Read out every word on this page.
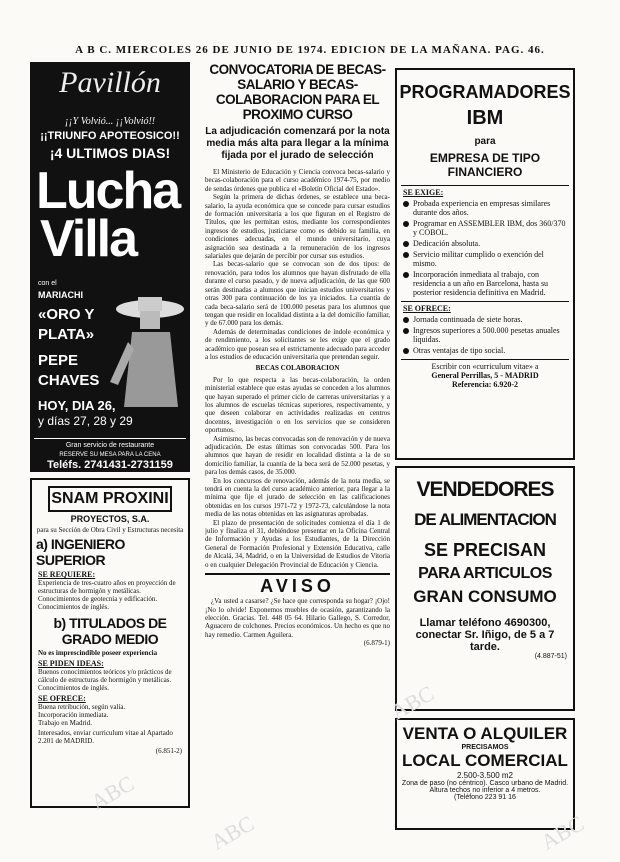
A B C. MIERCOLES 26 DE JUNIO DE 1974. EDICION DE LA MAÑANA. PAG. 46.

Pavillón

¡¡Y Volvió... ¡¡Volvió!!

¡¡TRIUNFO APOTEOSICO!!

¡4 ULTIMOS DIAS!

Lucha

Villa

con el

MARIACHI

«ORO Y

PLATA»

PEPE

CHAVES

HOY, DIA 26,

y días 27, 28 y 29

Gran servicio de restaurante

RESERVE SU MESA PARA LA CENA

Teléfs. 2741431-2731159

SNAM PROXINI
PROYECTOS, S.A.
para su Sección de Obra Civil y Estructuras necesita
a) INGENIERO SUPERIOR
SE REQUIERE:
Experiencia de tres-cuatro años en proyección de estructuras de hormigón y metálicas.
Conocimientos de geotecnia y edificación.
Conocimientos de inglés.
b) TITULADOS DE GRADO MEDIO
No es imprescindible poseer experiencia
SE PIDEN IDEAS:
Buenos conocimientos teóricos y/o prácticos de cálculo de estructuras de hormigón y metálicas.
Conocimientos de inglés.
SE OFRECE:
Buena retribución, según valía.
Incorporación inmediata.
Trabajo en Madrid.
Interesados, enviar curriculum vitae al Apartado 2.201 de MADRID.
(6.851-2)
CONVOCATORIA DE BECAS-SALARIO Y BECAS-COLABORACION PARA EL PROXIMO CURSO
La adjudicación comenzará por la nota media más alta para llegar a la mínima fijada por el jurado de selección
El Ministerio de Educación y Ciencia convoca becas-salario y becas-colaboración para el curso académico 1974-75, por medio de sendas órdenes que publica el «Boletín Oficial del Estado».
Según la primera de dichas órdenes, se establece una beca-salario, la ayuda económica que se concede para cursar estudios de formación universitaria a los que figuran en el Registro de Títulos, que les permitan estos, mediante los correspondientes ingresos de estudios, justiciarse como es debido su familia, en condiciones adecuadas, en el mundo universitario, cuya asignación sea destinada a la remuneración de los ingresos salariales que dejarán de percibir por cursar sus estudios.
Las becas-salario que se convocan son de dos tipos: de renovación, para todos los alumnos que hayan disfrutado de ella durante el curso pasado, y de nueva adjudicación, de las que 600 serán destinadas a alumnos que inician estudios universitarios y otras 300 para continuación de los ya iniciados. La cuantía de cada beca-salario será de 100.000 pesetas para los alumnos que tengan que residir en localidad distinta a la del domicilio familiar, y de 67.000 para los demás.
Además de determinadas condiciones de índole económica y de rendimiento, a los solicitantes se les exige que el grado académico que posean sea el estrictamente adecuado para acceder a los estudios de educación universitaria que pretendan seguir.
BECAS COLABORACION
Por lo que respecta a las becas-colaboración, la orden ministerial establece que estas ayudas se conceden a los alumnos que hayan superado el primer ciclo de carreras universitarias y a los alumnos de escuelas técnicas superiores, respectivamente, y que deseen colaborar en actividades realizadas en centros docentes, investigación o en los servicios que se consideren oportunos.
Asimismo, las becas convocadas son de renovación y de nueva adjudicación. De estas últimas son convocadas 500. Para los alumnos que hayan de residir en localidad distinta a la de su domicilio familiar, la cuantía de la beca será de 52.000 pesetas, y para los demás casos, de 35.000.
En los concursos de renovación, además de la nota media, se tendrá en cuenta la del curso académico anterior, para llegar a la mínima que fije el jurado de selección en las calificaciones obtenidas en los cursos 1971-72 y 1972-73, calculándose la nota media de las notas obtenidas en las asignaturas aprobadas.
El plazo de presentación de solicitudes comienza el día 1 de julio y finaliza el 31, debiéndose presentar en la Oficina Central de Información y Ayudas a los Estudiantes, de la Dirección General de Formación Profesional y Extensión Educativa, calle de Alcalá, 34, Madrid, o en la Universidad de Estudios de Vitoria o en cualquier Delegación Provincial de Educación y Ciencia.
AVISO
¿Va usted a casarse? ¿Se hace que corresponda su hogar? ¡Ojo! ¡No lo olvide! Exponemos muebles de ocasión, garantizando la elección. Gracias. Tel. 448 05 64. Hilario Gallego, S. Corredor, Aguacero de colchones. Precios económicos. Un hecho es que no hay remedio. Carmen Aguilera.
(6.879-1)
PROGRAMADORES
IBM
para
EMPRESA DE TIPO
FINANCIERO
SE EXIGE:
Probada experiencia en empresas similares durante dos años.
Programar en ASSEMBLER IBM, dos 360/370 y COBOL.
Dedicación absoluta.
Servicio militar cumplido o exención del mismo.
Incorporación inmediata al trabajo, con residencia a un año en Barcelona, hasta su posterior residencia definitiva en Madrid.
SE OFRECE:
Jornada continuada de siete horas.
Ingresos superiores a 500.000 pesetas anuales líquidas.
Otras ventajas de tipo social.
Escribir con «curriculum vitae» a
General Perrillas, 5 - MADRID
Referencia: 6.920-2
VENDEDORES
DE ALIMENTACION
SE PRECISAN
PARA ARTICULOS
GRAN CONSUMO
Llamar teléfono 4690300,
conectar Sr. Iñigo, de 5 a 7
tarde.
(4.887-51)
VENTA O ALQUILER
PRECISAMOS
LOCAL COMERCIAL
2.500-3.500 m2
Zona de paso (no céntrico). Casco urbano de Madrid.
Altura techos no inferior a 4 metros.
(Teléfono 223 91 16
ABC
ABC
ABC
ABC
